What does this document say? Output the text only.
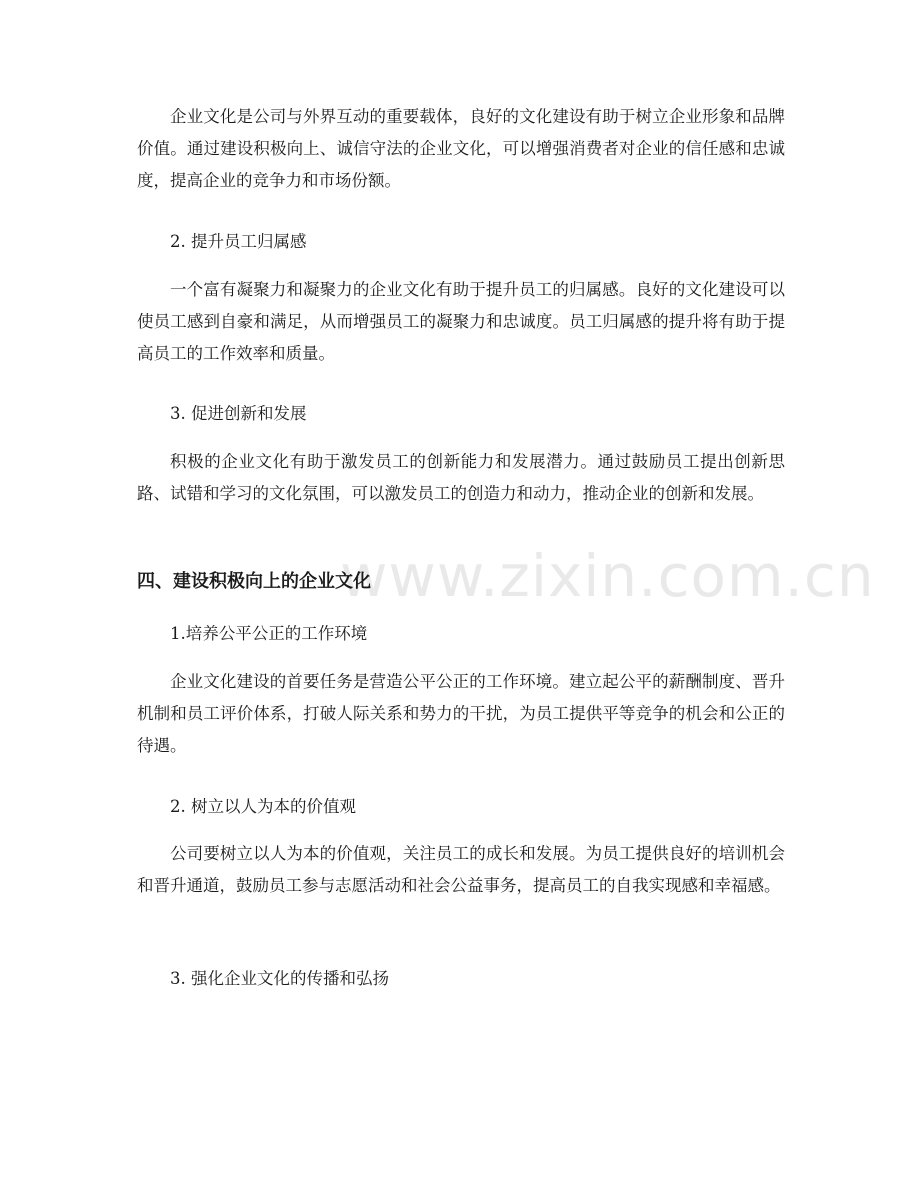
www.zixin.com.cn

企业文化是公司与外界互动的重要载体，良好的文化建设有助于树立企业形象和品牌价值。通过建设积极向上、诚信守法的企业文化，可以增强消费者对企业的信任感和忠诚度，提高企业的竞争力和市场份额。

2. 提升员工归属感

一个富有凝聚力和凝聚力的企业文化有助于提升员工的归属感。良好的文化建设可以使员工感到自豪和满足，从而增强员工的凝聚力和忠诚度。员工归属感的提升将有助于提高员工的工作效率和质量。

3. 促进创新和发展

积极的企业文化有助于激发员工的创新能力和发展潜力。通过鼓励员工提出创新思路、试错和学习的文化氛围，可以激发员工的创造力和动力，推动企业的创新和发展。

四、建设积极向上的企业文化

1.培养公平公正的工作环境

企业文化建设的首要任务是营造公平公正的工作环境。建立起公平的薪酬制度、晋升机制和员工评价体系，打破人际关系和势力的干扰，为员工提供平等竞争的机会和公正的待遇。

2. 树立以人为本的价值观

公司要树立以人为本的价值观，关注员工的成长和发展。为员工提供良好的培训机会和晋升通道，鼓励员工参与志愿活动和社会公益事务，提高员工的自我实现感和幸福感。

3. 强化企业文化的传播和弘扬
